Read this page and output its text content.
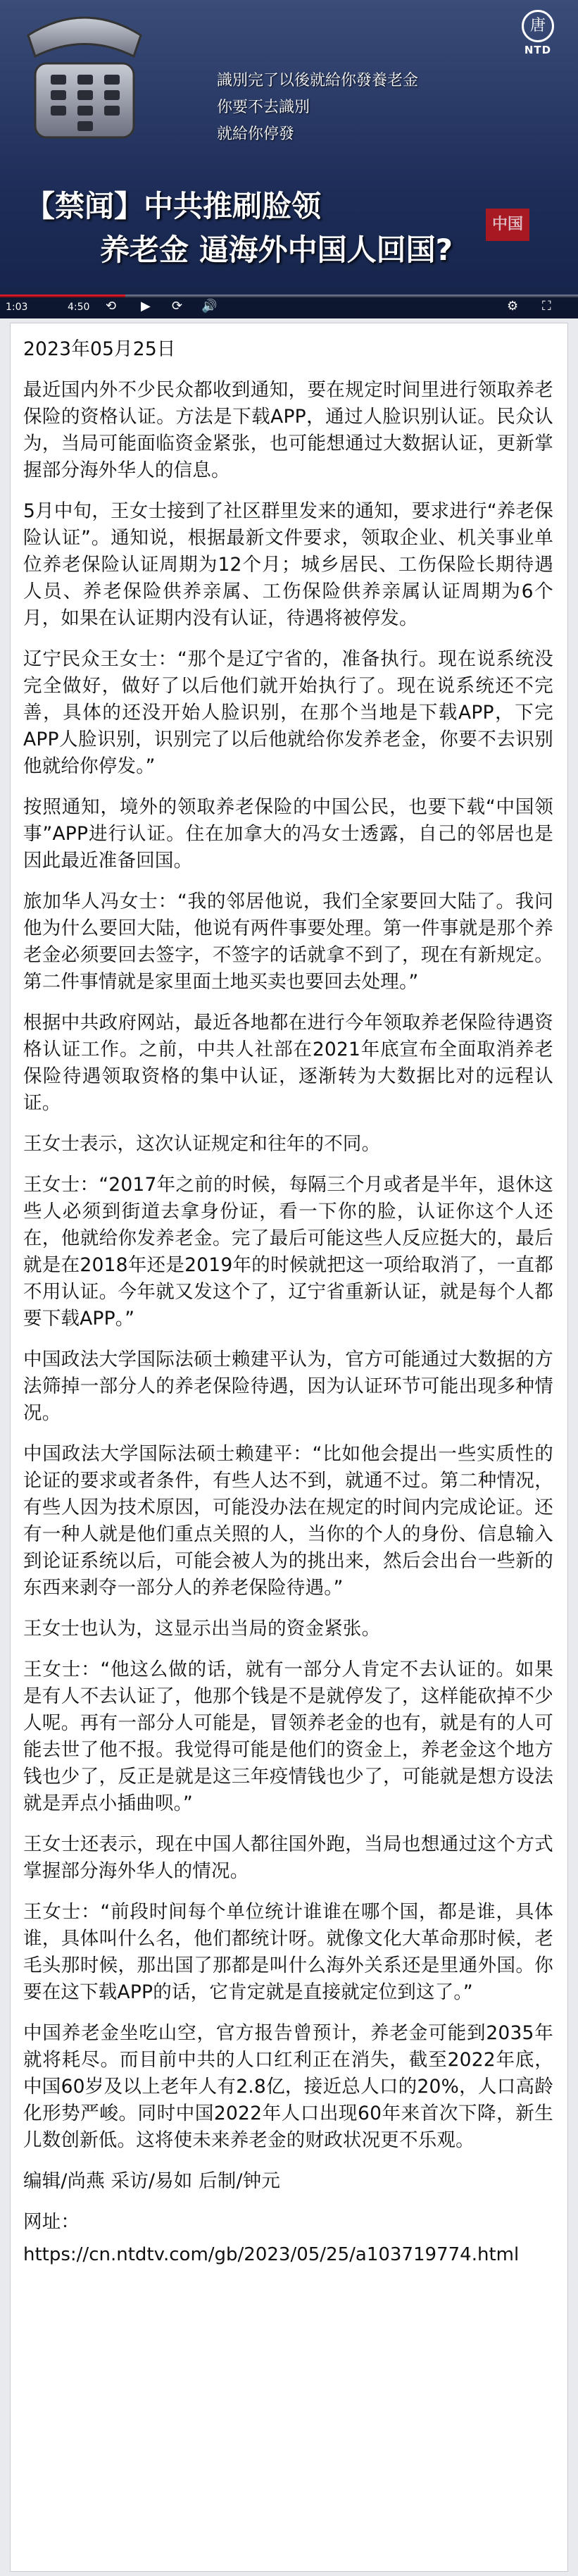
唐
NTD
識別完了以後就給你發養老金
你要不去識別
就給你停發
【禁闻】中共推刷脸领
养老金 逼海外中国人回国?
中国
1:03	4:50 ⟲ ▶ ⟳ 🔊	⚙ ⛶
2023年05月25日
最近国内外不少民众都收到通知，要在规定时间里进行领取养老保险的资格认证。方法是下载APP，通过人脸识别认证。民众认为，当局可能面临资金紧张，也可能想通过大数据认证，更新掌握部分海外华人的信息。
5月中旬，王女士接到了社区群里发来的通知，要求进行“养老保险认证”。通知说，根据最新文件要求，领取企业、机关事业单位养老保险认证周期为12个月；城乡居民、工伤保险长期待遇人员、养老保险供养亲属、工伤保险供养亲属认证周期为6个月，如果在认证期内没有认证，待遇将被停发。
辽宁民众王女士：“那个是辽宁省的，准备执行。现在说系统没完全做好，做好了以后他们就开始执行了。现在说系统还不完善，具体的还没开始人脸识别，在那个当地是下载APP，下完APP人脸识别，识别完了以后他就给你发养老金，你要不去识别他就给你停发。”
按照通知，境外的领取养老保险的中国公民，也要下载“中国领事”APP进行认证。住在加拿大的冯女士透露，自己的邻居也是因此最近准备回国。
旅加华人冯女士：“我的邻居他说，我们全家要回大陆了。我问他为什么要回大陆，他说有两件事要处理。第一件事就是那个养老金必须要回去签字，不签字的话就拿不到了，现在有新规定。第二件事情就是家里面土地买卖也要回去处理。”
根据中共政府网站，最近各地都在进行今年领取养老保险待遇资格认证工作。之前，中共人社部在2021年底宣布全面取消养老保险待遇领取资格的集中认证，逐渐转为大数据比对的远程认证。
王女士表示，这次认证规定和往年的不同。
王女士：“2017年之前的时候，每隔三个月或者是半年，退休这些人必须到街道去拿身份证，看一下你的脸，认证你这个人还在，他就给你发养老金。完了最后可能这些人反应挺大的，最后就是在2018年还是2019年的时候就把这一项给取消了，一直都不用认证。今年就又发这个了，辽宁省重新认证，就是每个人都要下载APP。”
中国政法大学国际法硕士赖建平认为，官方可能通过大数据的方法筛掉一部分人的养老保险待遇，因为认证环节可能出现多种情况。
中国政法大学国际法硕士赖建平：“比如他会提出一些实质性的论证的要求或者条件，有些人达不到，就通不过。第二种情况，有些人因为技术原因，可能没办法在规定的时间内完成论证。还有一种人就是他们重点关照的人，当你的个人的身份、信息输入到论证系统以后，可能会被人为的挑出来，然后会出台一些新的东西来剥夺一部分人的养老保险待遇。”
王女士也认为，这显示出当局的资金紧张。
王女士：“他这么做的话，就有一部分人肯定不去认证的。如果是有人不去认证了，他那个钱是不是就停发了，这样能砍掉不少人呢。再有一部分人可能是，冒领养老金的也有，就是有的人可能去世了他不报。我觉得可能是他们的资金上，养老金这个地方钱也少了，反正是就是这三年疫情钱也少了，可能就是想方设法就是弄点小插曲呗。”
王女士还表示，现在中国人都往国外跑，当局也想通过这个方式掌握部分海外华人的情况。
王女士：“前段时间每个单位统计谁谁在哪个国，都是谁，具体谁，具体叫什么名，他们都统计呀。就像文化大革命那时候，老毛头那时候，那出国了那都是叫什么海外关系还是里通外国。你要在这下载APP的话，它肯定就是直接就定位到这了。”
中国养老金坐吃山空，官方报告曾预计，养老金可能到2035年就将耗尽。而目前中共的人口红利正在消失，截至2022年底，中国60岁及以上老年人有2.8亿，接近总人口的20%，人口高龄化形势严峻。同时中国2022年人口出现60年来首次下降，新生儿数创新低。这将使未来养老金的财政状况更不乐观。
编辑/尚燕 采访/易如 后制/钟元
网址：
https://cn.ntdtv.com/gb/2023/05/25/a103719774.html
